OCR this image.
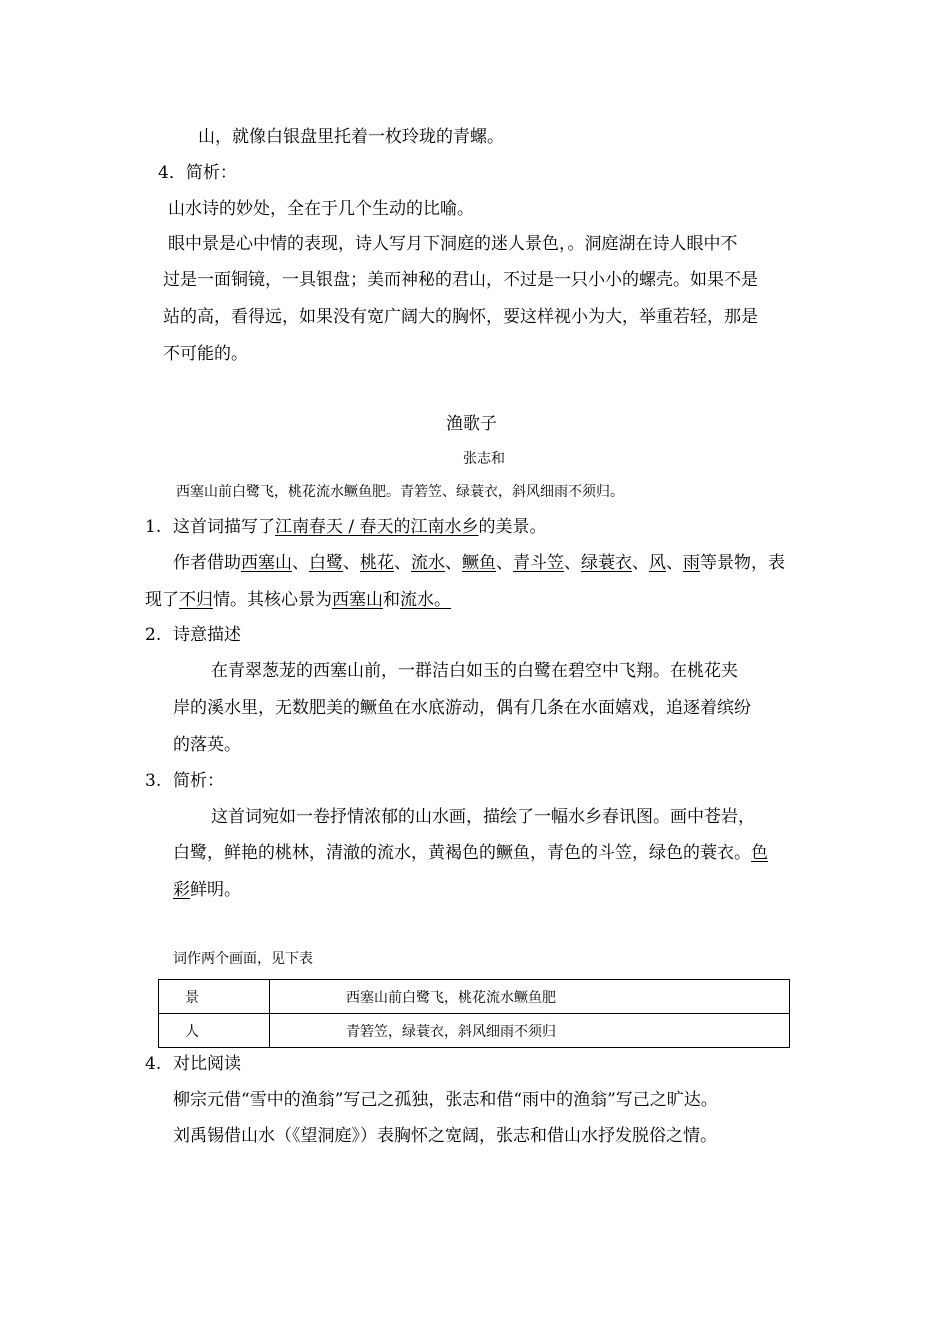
山，就像白银盘里托着一枚玲珑的青螺。
4．简析：
山水诗的妙处，全在于几个生动的比喻。
眼中景是心中情的表现，诗人写月下洞庭的迷人景色，。洞庭湖在诗人眼中不
过是一面铜镜，一具银盘；美而神秘的君山，不过是一只小小的螺壳。如果不是
站的高，看得远，如果没有宽广阔大的胸怀，要这样视小为大，举重若轻，那是
不可能的。
渔歌子
张志和
西塞山前白鹭飞，桃花流水鳜鱼肥。青箬笠、绿蓑衣，斜风细雨不须归。
1. 这首词描写了江南春天 / 春天的江南水乡的美景。
作者借助西塞山、白鹭、桃花、流水、鳜鱼、青斗笠、绿蓑衣、风、雨等景物，表
现了不归情。其核心景为西塞山和流水。
2. 诗意描述
在青翠葱茏的西塞山前，一群洁白如玉的白鹭在碧空中飞翔。在桃花夹
岸的溪水里，无数肥美的鳜鱼在水底游动，偶有几条在水面嬉戏，追逐着缤纷
的落英。
3. 简析：
这首词宛如一卷抒情浓郁的山水画，描绘了一幅水乡春讯图。画中苍岩，
白鹭，鲜艳的桃林，清澈的流水，黄褐色的鳜鱼，青色的斗笠，绿色的蓑衣。色
彩鲜明。
词作两个画面，见下表
景	西塞山前白鹭飞，桃花流水鳜鱼肥
人	青箬笠，绿蓑衣，斜风细雨不须归
4. 对比阅读
柳宗元借“雪中的渔翁”写己之孤独，张志和借“雨中的渔翁”写己之旷达。
刘禹锡借山水（《望洞庭》）表胸怀之宽阔，张志和借山水抒发脱俗之情。
